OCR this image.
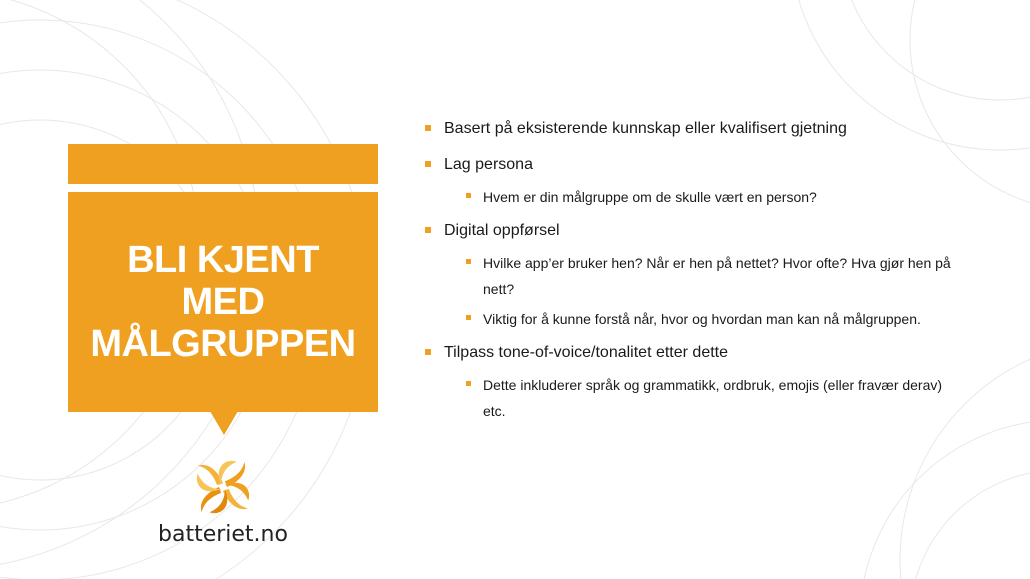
BLI KJENT
MED
MÅLGRUPPEN
batteriet.no

Basert på eksisterende kunnskap eller kvalifisert gjetning

Lag persona

Hvem er din målgruppe om de skulle vært en person?

Digital oppførsel

Hvilke app’er bruker hen? Når er hen på nettet? Hvor ofte? Hva gjør hen på nett?

Viktig for å kunne forstå når, hvor og hvordan man kan nå målgruppen.

Tilpass tone-of-voice/tonalitet etter dette

Dette inkluderer språk og grammatikk, ordbruk, emojis (eller fravær derav) etc.
